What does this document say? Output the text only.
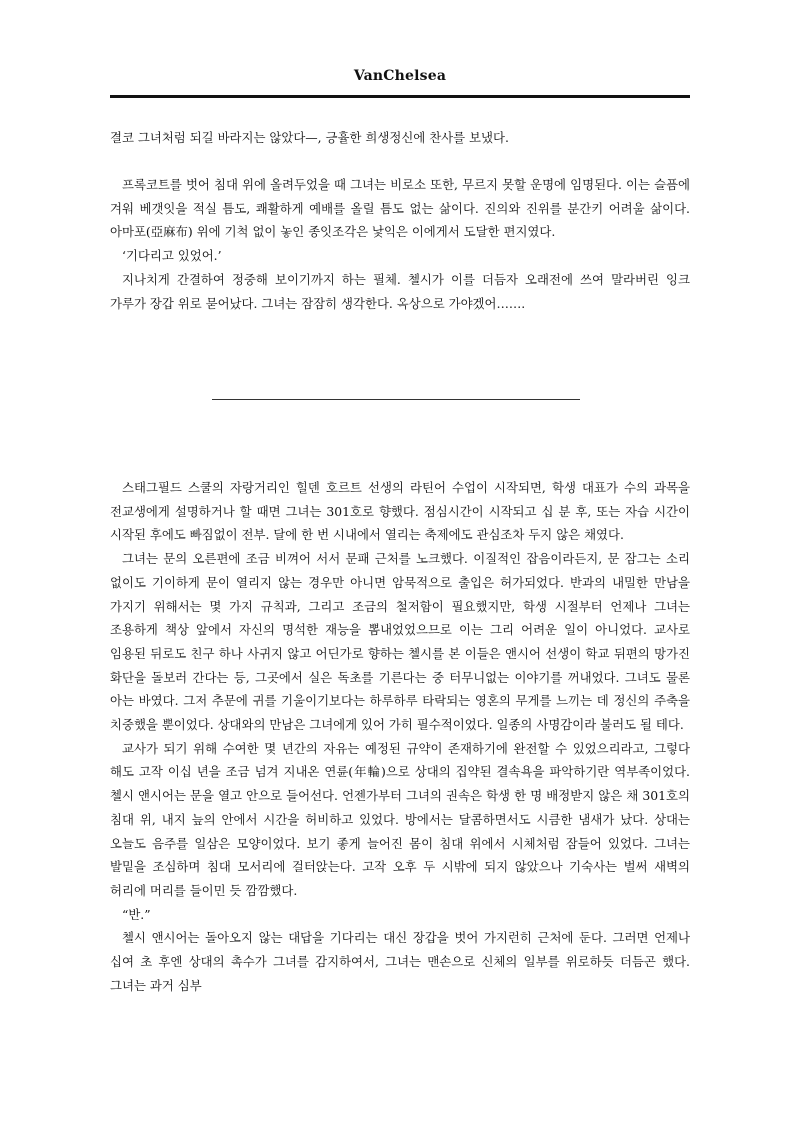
VanChelsea

결코 그녀처럼 되길 바라지는 않았다—, 긍휼한 희생정신에 찬사를 보냈다.

프록코트를 벗어 침대 위에 올려두었을 때 그녀는 비로소 또한, 무르지 못할 운명에 임명된다. 이는 슬픔에 겨워 베갯잇을 적실 틈도, 쾌활하게 예배를 올릴 틈도 없는 삶이다. 진의와 진위를 분간키 어려울 삶이다. 아마포(亞麻布) 위에 기척 없이 놓인 종잇조각은 낯익은 이에게서 도달한 편지였다.

‘기다리고 있었어.’

지나치게 간결하여 정중해 보이기까지 하는 필체. 첼시가 이를 더듬자 오래전에 쓰여 말라버린 잉크 가루가 장갑 위로 묻어났다. 그녀는 잠잠히 생각한다. 옥상으로 가야겠어…….

스태그필드 스쿨의 자랑거리인 힐덴 호르트 선생의 라틴어 수업이 시작되면, 학생 대표가 수의 과목을 전교생에게 설명하거나 할 때면 그녀는 301호로 향했다. 점심시간이 시작되고 십 분 후, 또는 자습 시간이 시작된 후에도 빠짐없이 전부. 달에 한 번 시내에서 열리는 축제에도 관심조차 두지 않은 채였다.

그녀는 문의 오른편에 조금 비껴어 서서 문패 근처를 노크했다. 이질적인 잡음이라든지, 문 잠그는 소리 없이도 기이하게 문이 열리지 않는 경우만 아니면 암묵적으로 출입은 허가되었다. 반과의 내밀한 만남을 가지기 위해서는 몇 가지 규칙과, 그리고 조금의 철저함이 필요했지만, 학생 시절부터 언제나 그녀는 조용하게 책상 앞에서 자신의 명석한 재능을 뽐내었었으므로 이는 그리 어려운 일이 아니었다. 교사로 임용된 뒤로도 친구 하나 사귀지 않고 어딘가로 향하는 첼시를 본 이들은 앤시어 선생이 학교 뒤편의 망가진 화단을 돌보러 간다는 등, 그곳에서 실은 독초를 기른다는 중 터무니없는 이야기를 꺼내었다. 그녀도 물론 아는 바였다. 그저 추문에 귀를 기울이기보다는 하루하루 타락되는 영혼의 무게를 느끼는 데 정신의 주축을 치중했을 뿐이었다. 상대와의 만남은 그녀에게 있어 가히 필수적이었다. 일종의 사명감이라 불러도 될 테다.

교사가 되기 위해 수여한 몇 년간의 자유는 예정된 규약이 존재하기에 완전할 수 있었으리라고, 그렇다 해도 고작 이십 년을 조금 넘겨 지내온 연륜(年輪)으로 상대의 집약된 결속욕을 파악하기란 역부족이었다. 첼시 앤시어는 문을 열고 안으로 들어선다. 언젠가부터 그녀의 권속은 학생 한 명 배정받지 않은 채 301호의 침대 위, 내지 늪의 안에서 시간을 허비하고 있었다. 방에서는 달콤하면서도 시큼한 냄새가 났다. 상대는 오늘도 음주를 일삼은 모양이었다. 보기 좋게 늘어진 몸이 침대 위에서 시체처럼 잠들어 있었다. 그녀는 발밑을 조심하며 침대 모서리에 걸터앉는다. 고작 오후 두 시밖에 되지 않았으나 기숙사는 벌써 새벽의 허리에 머리를 들이민 듯 깜깜했다.

“반.”

첼시 앤시어는 돌아오지 않는 대답을 기다리는 대신 장갑을 벗어 가지런히 근처에 둔다. 그러면 언제나 십여 초 후엔 상대의 촉수가 그녀를 감지하여서, 그녀는 맨손으로 신체의 일부를 위로하듯 더듬곤 했다. 그녀는 과거 심부
